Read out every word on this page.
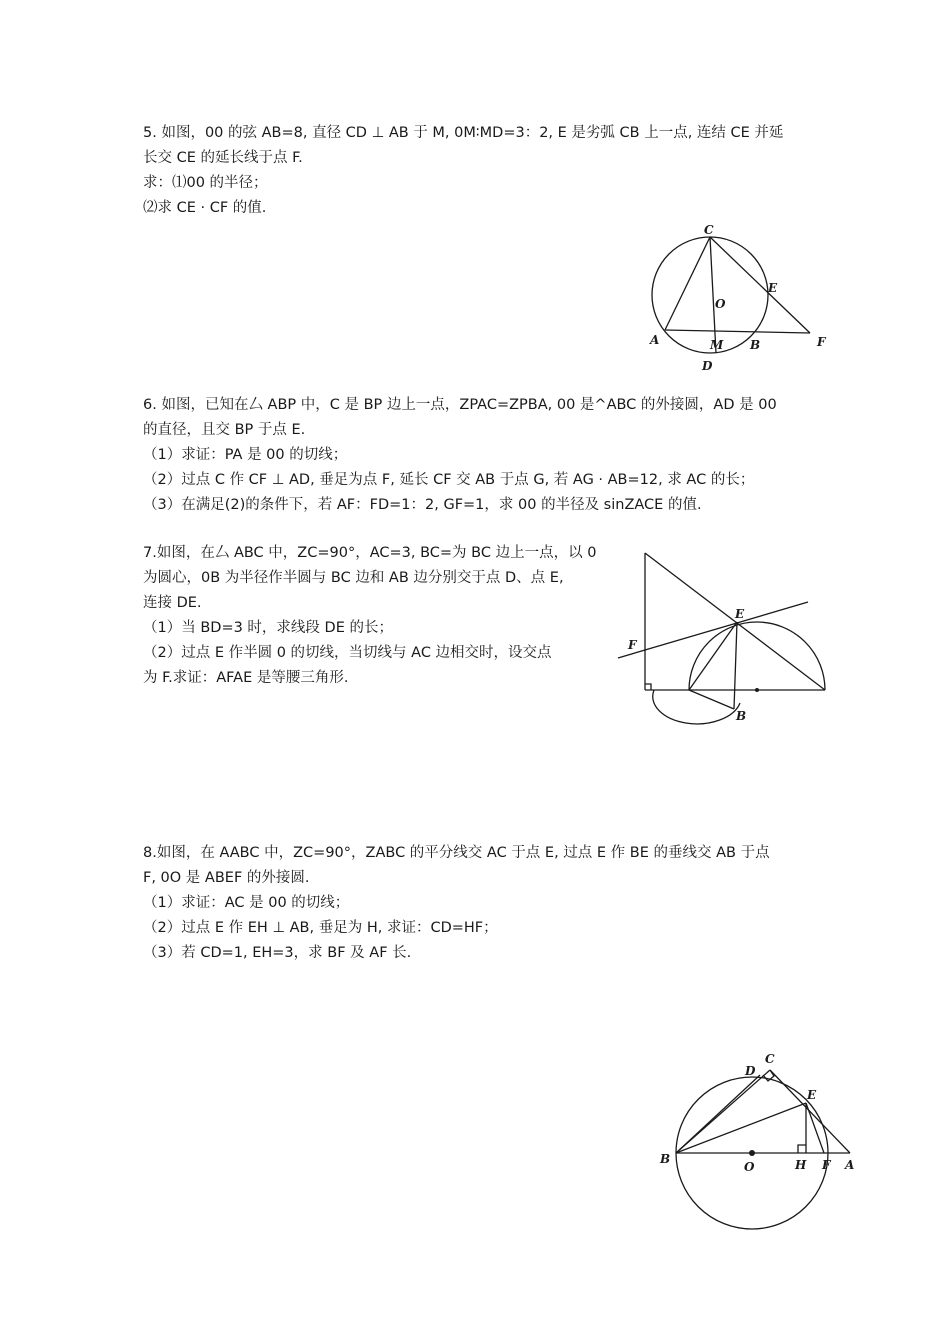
5. 如图，00 的弦 AB=8, 直径 CD ⊥ AB 于 M, 0M∶MD=3：2, E 是劣弧 CB 上一点, 连结 CE 并延
长交 CE 的延长线于点 F.
求：⑴00 的半径；
⑵求 CE · CF 的值.
C
O
E
A	M B	F
D
6. 如图，已知在厶 ABP 中，C 是 BP 边上一点，ZPAC=ZPBA, 00 是^ABC 的外接圆，AD 是 00
的直径，且交 BP 于点 E.
（1）求证：PA 是 00 的切线；
（2）过点 C 作 CF ⊥ AD, 垂足为点 F, 延长 CF 交 AB 于点 G, 若 AG · AB=12, 求 AC 的长；
（3）在满足(2)的条件下，若 AF：FD=1：2, GF=1，求 00 的半径及 sinZACE 的值.
7.如图，在厶 ABC 中，ZC=90°，AC=3, BC=为 BC 边上一点，以 0
为圆心，0B 为半径作半圆与 BC 边和 AB 边分别交于点 D、点 E,
连接 DE.
（1）当 BD=3 时，求线段 DE 的长；
（2）过点 E 作半圆 0 的切线，当切线与 AC 边相交时，设交点
为 F.求证：AFAE 是等腰三角形.
F
E
B
8.如图，在 AABC 中，ZC=90°，ZABC 的平分线交 AC 于点 E, 过点 E 作 BE 的垂线交 AB 于点
F, 0O 是 ABEF 的外接圆.
（1）求证：AC 是 00 的切线；
（2）过点 E 作 EH ⊥ AB, 垂足为 H, 求证：CD=HF；
（3）若 CD=1, EH=3，求 BF 及 AF 长.
C
D
E
B
O	H F A
